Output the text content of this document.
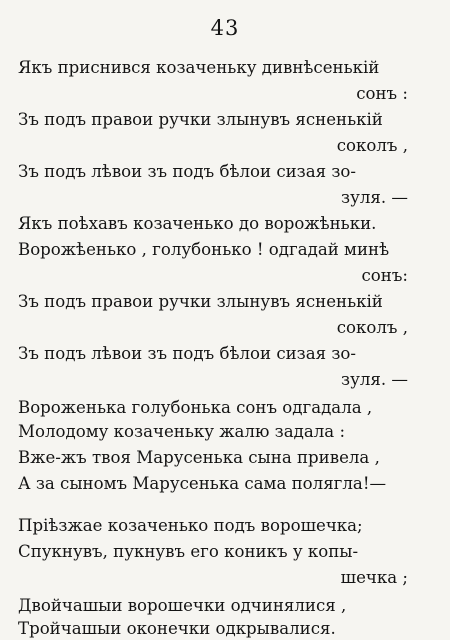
43
Якъ приснився козаченьку дивнѣсенькій
сонъ :
Зъ подъ правои ручки злынувъ ясненькій
соколъ ,
Зъ подъ лѣвои зъ подъ бѣлои сизая зо-
зуля. —
Якъ поѣхавъ козаченько до ворожѣньки.
Ворожѣенько , голубонько ! одгадай минѣ
сонъ:
Зъ подъ правои ручки злынувъ ясненькій
соколъ ,
Зъ подъ лѣвои зъ подъ бѣлои сизая зо-
зуля. —
Вороженька голубонька сонъ одгадала ,
Молодому козаченьку жалю задала :
Вже-жъ твоя Марусенька сына привела ,
А за сыномъ Марусенька сама полягла!—
Пріѣзжае козаченько подъ ворошечка;
Спукнувъ, пукнувъ его коникъ у копы-
шечка ;
Двойчашыи ворошечки одчинялися ,
Тройчашыи оконечки одкрывалися.
